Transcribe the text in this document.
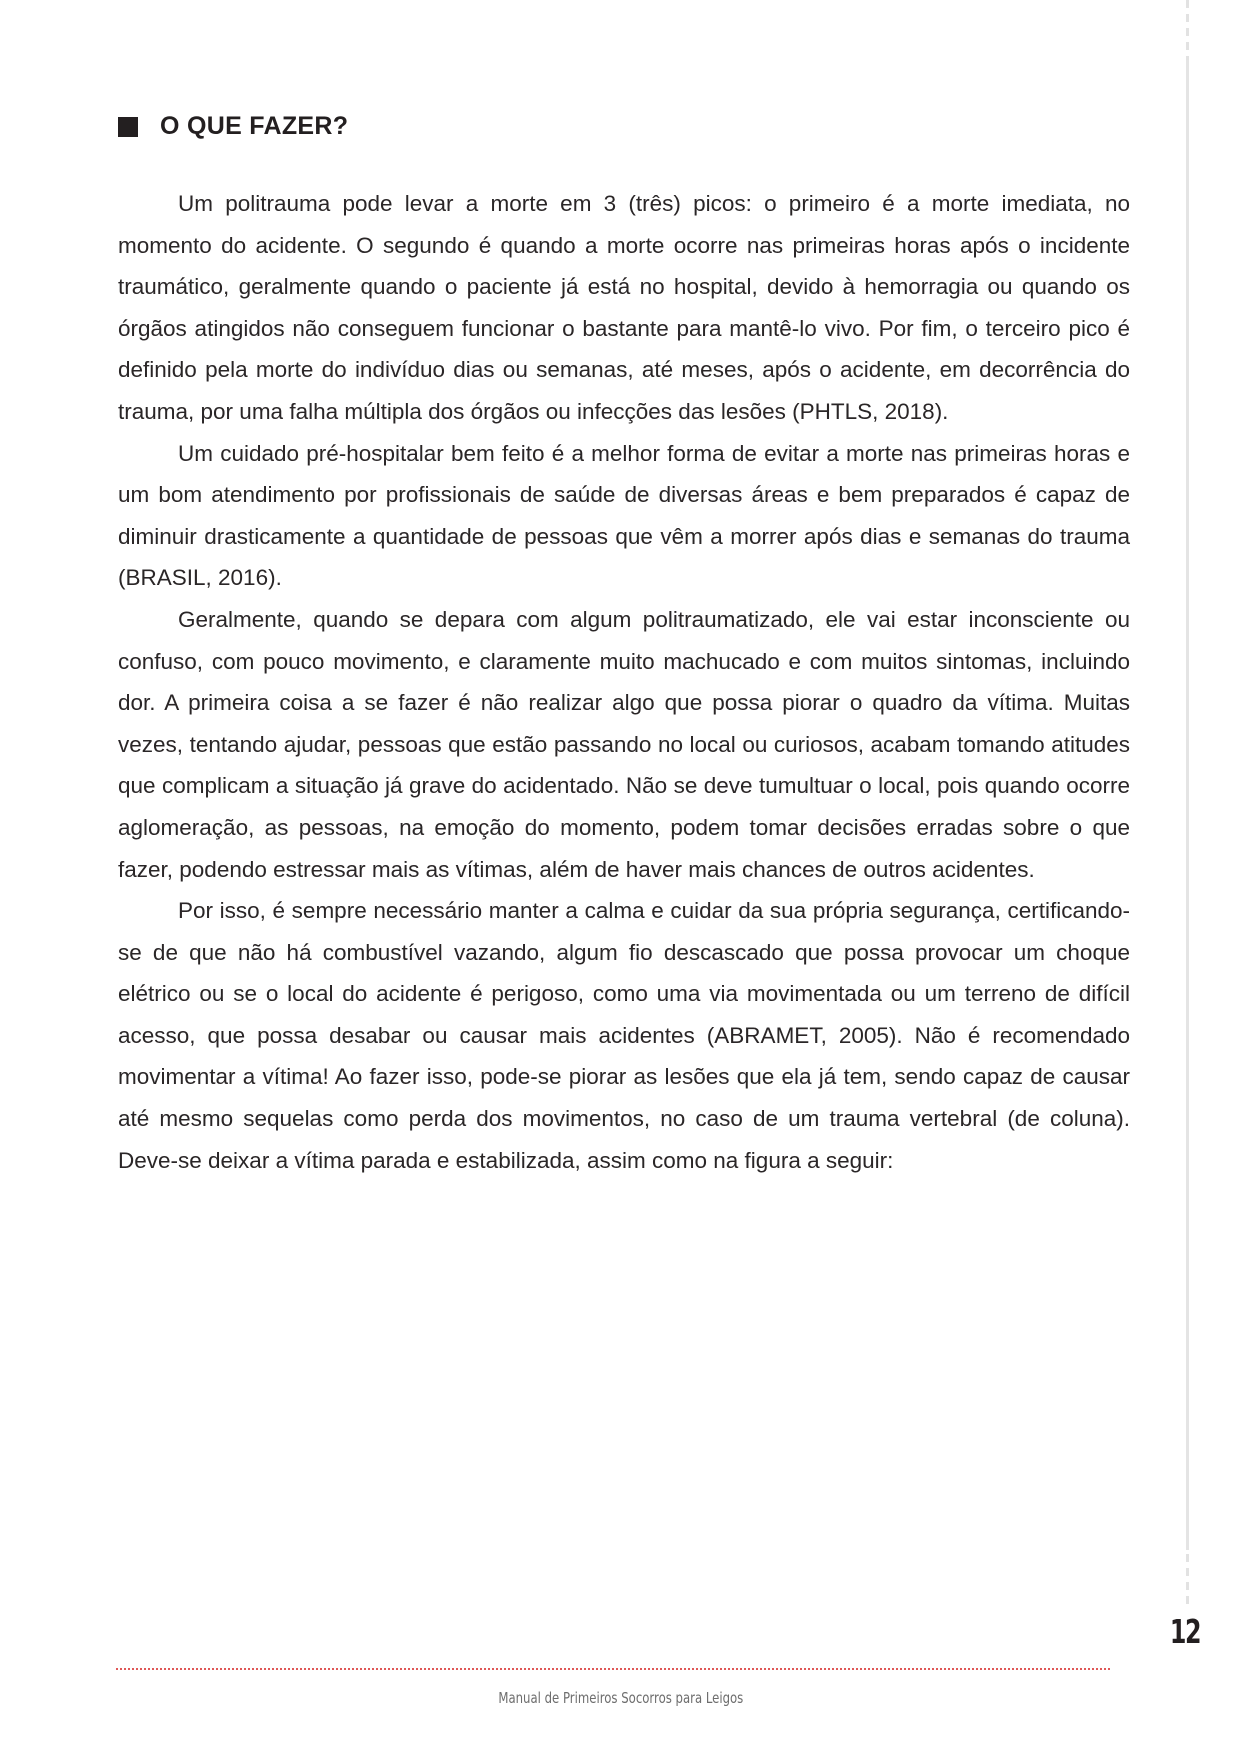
O QUE FAZER?

Um politrauma pode levar a morte em 3 (três) picos: o primeiro é a morte imediata, no momento do acidente. O segundo é quando a morte ocorre nas primeiras horas após o incidente traumático, geralmente quando o paciente já está no hospital, devido à hemorragia ou quando os órgãos atingidos não conseguem funcionar o bastante para mantê-lo vivo. Por fim, o terceiro pico é definido pela morte do indivíduo dias ou semanas, até meses, após o acidente, em decorrência do trauma, por uma falha múltipla dos órgãos ou infecções das lesões (PHTLS, 2018).

Um cuidado pré-hospitalar bem feito é a melhor forma de evitar a morte nas primeiras horas e um bom atendimento por profissionais de saúde de diversas áreas e bem preparados é capaz de diminuir drasticamente a quantidade de pessoas que vêm a morrer após dias e semanas do trauma (BRASIL, 2016).

Geralmente, quando se depara com algum politraumatizado, ele vai estar inconsciente ou confuso, com pouco movimento, e claramente muito machucado e com muitos sintomas, incluindo dor. A primeira coisa a se fazer é não realizar algo que possa piorar o quadro da vítima. Muitas vezes, tentando ajudar, pessoas que estão passando no local ou curiosos, acabam tomando atitudes que complicam a situação já grave do acidentado. Não se deve tumultuar o local, pois quando ocorre aglomeração, as pessoas, na emoção do momento, podem tomar decisões erradas sobre o que fazer, podendo estressar mais as vítimas, além de haver mais chances de outros acidentes.

Por isso, é sempre necessário manter a calma e cuidar da sua própria segurança, certificando-se de que não há combustível vazando, algum fio descascado que possa provocar um choque elétrico ou se o local do acidente é perigoso, como uma via movimentada ou um terreno de difícil acesso, que possa desabar ou causar mais acidentes (ABRAMET, 2005). Não é recomendado movimentar a vítima! Ao fazer isso, pode-se piorar as lesões que ela já tem, sendo capaz de causar até mesmo sequelas como perda dos movimentos, no caso de um trauma vertebral (de coluna). Deve-se deixar a vítima parada e estabilizada, assim como na figura a seguir:

12
Manual de Primeiros Socorros para Leigos
